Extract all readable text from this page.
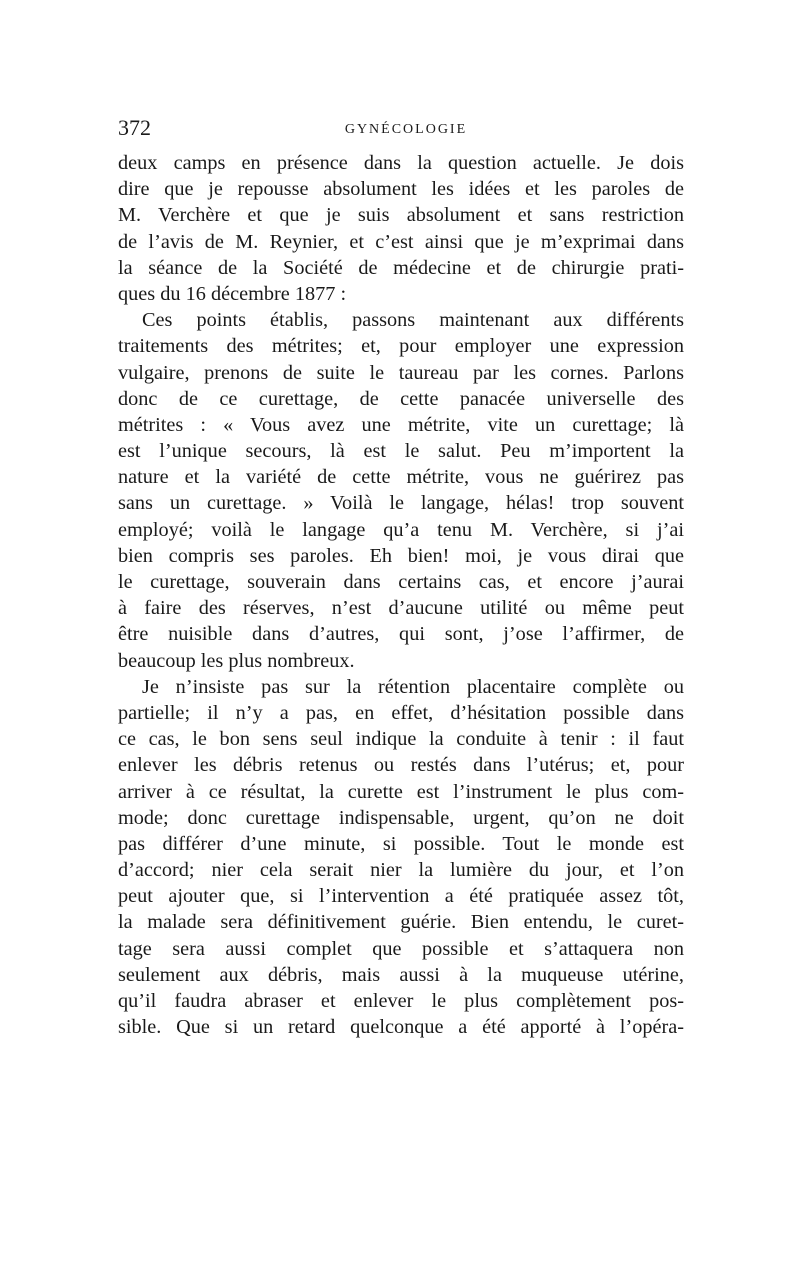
372	GYNÉCOLOGIE
deux camps en présence dans la question actuelle. Je dois
dire que je repousse absolument les idées et les paroles de
M. Verchère et que je suis absolument et sans restriction
de l’avis de M. Reynier, et c’est ainsi que je m’exprimai dans
la séance de la Société de médecine et de chirurgie prati-
ques du 16 décembre 1877 :
Ces points établis, passons maintenant aux différents
traitements des métrites; et, pour employer une expression
vulgaire, prenons de suite le taureau par les cornes. Parlons
donc de ce curettage, de cette panacée universelle des
métrites : « Vous avez une métrite, vite un curettage; là
est l’unique secours, là est le salut. Peu m’importent la
nature et la variété de cette métrite, vous ne guérirez pas
sans un curettage. » Voilà le langage, hélas! trop souvent
employé; voilà le langage qu’a tenu M. Verchère, si j’ai
bien compris ses paroles. Eh bien! moi, je vous dirai que
le curettage, souverain dans certains cas, et encore j’aurai
à faire des réserves, n’est d’aucune utilité ou même peut
être nuisible dans d’autres, qui sont, j’ose l’affirmer, de
beaucoup les plus nombreux.
Je n’insiste pas sur la rétention placentaire complète ou
partielle; il n’y a pas, en effet, d’hésitation possible dans
ce cas, le bon sens seul indique la conduite à tenir : il faut
enlever les débris retenus ou restés dans l’utérus; et, pour
arriver à ce résultat, la curette est l’instrument le plus com-
mode; donc curettage indispensable, urgent, qu’on ne doit
pas différer d’une minute, si possible. Tout le monde est
d’accord; nier cela serait nier la lumière du jour, et l’on
peut ajouter que, si l’intervention a été pratiquée assez tôt,
la malade sera définitivement guérie. Bien entendu, le curet-
tage sera aussi complet que possible et s’attaquera non
seulement aux débris, mais aussi à la muqueuse utérine,
qu’il faudra abraser et enlever le plus complètement pos-
sible. Que si un retard quelconque a été apporté à l’opéra-
